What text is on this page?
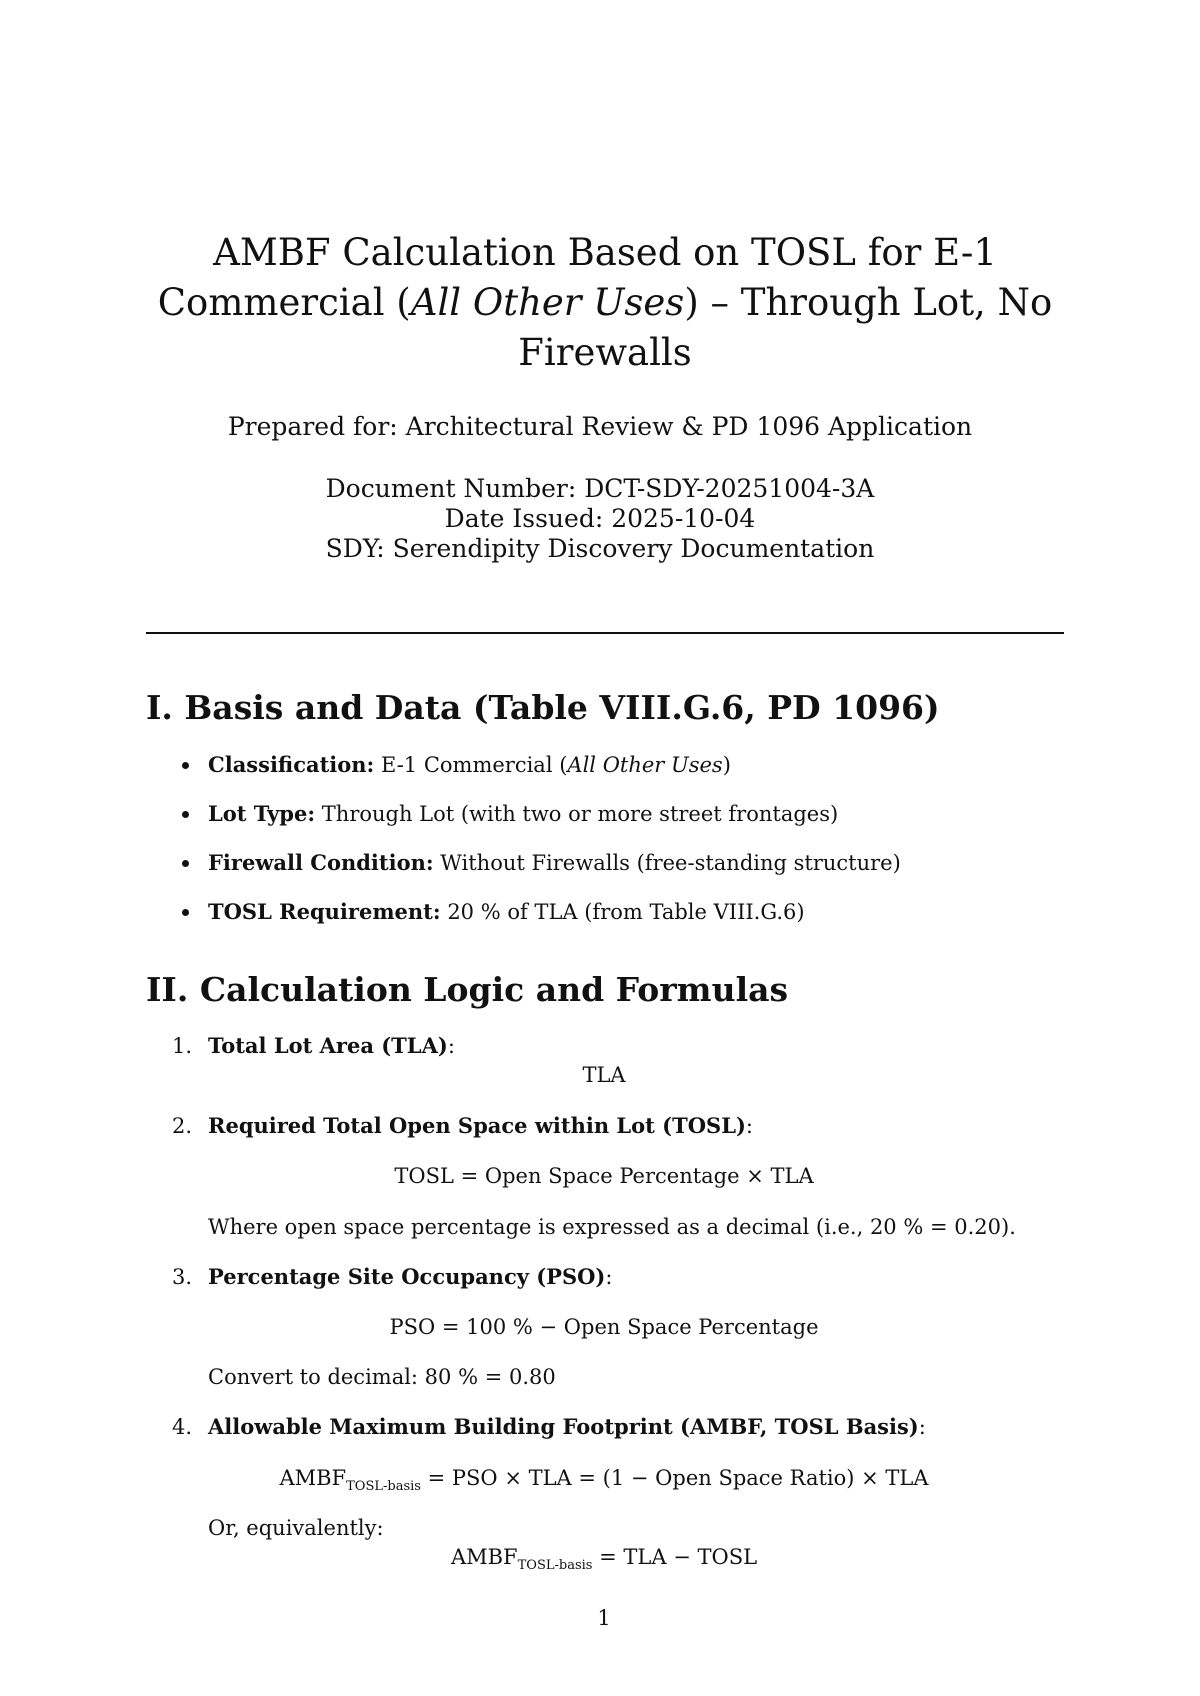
AMBF Calculation Based on TOSL for E-1
Commercial (All Other Uses) – Through Lot, No
Firewalls
Prepared for: Architectural Review & PD 1096 Application
Document Number: DCT-SDY-20251004-3A
Date Issued: 2025-10-04
SDY: Serendipity Discovery Documentation
I. Basis and Data (Table VIII.G.6, PD 1096)
Classification: E-1 Commercial (All Other Uses)
Lot Type: Through Lot (with two or more street frontages)
Firewall Condition: Without Firewalls (free-standing structure)
TOSL Requirement: 20 % of TLA (from Table VIII.G.6)
II. Calculation Logic and Formulas
1. Total Lot Area (TLA):
TLA
2. Required Total Open Space within Lot (TOSL):
TOSL = Open Space Percentage × TLA
Where open space percentage is expressed as a decimal (i.e., 20 % = 0.20).
3. Percentage Site Occupancy (PSO):
PSO = 100 % − Open Space Percentage
Convert to decimal: 80 % = 0.80
4. Allowable Maximum Building Footprint (AMBF, TOSL Basis):
$AMBF_{TOSL-basis}$ = PSO × TLA = (1 − Open Space Ratio) × TLA
Or, equivalently:
$AMBF_{TOSL-basis}$ = TLA − TOSL
1
